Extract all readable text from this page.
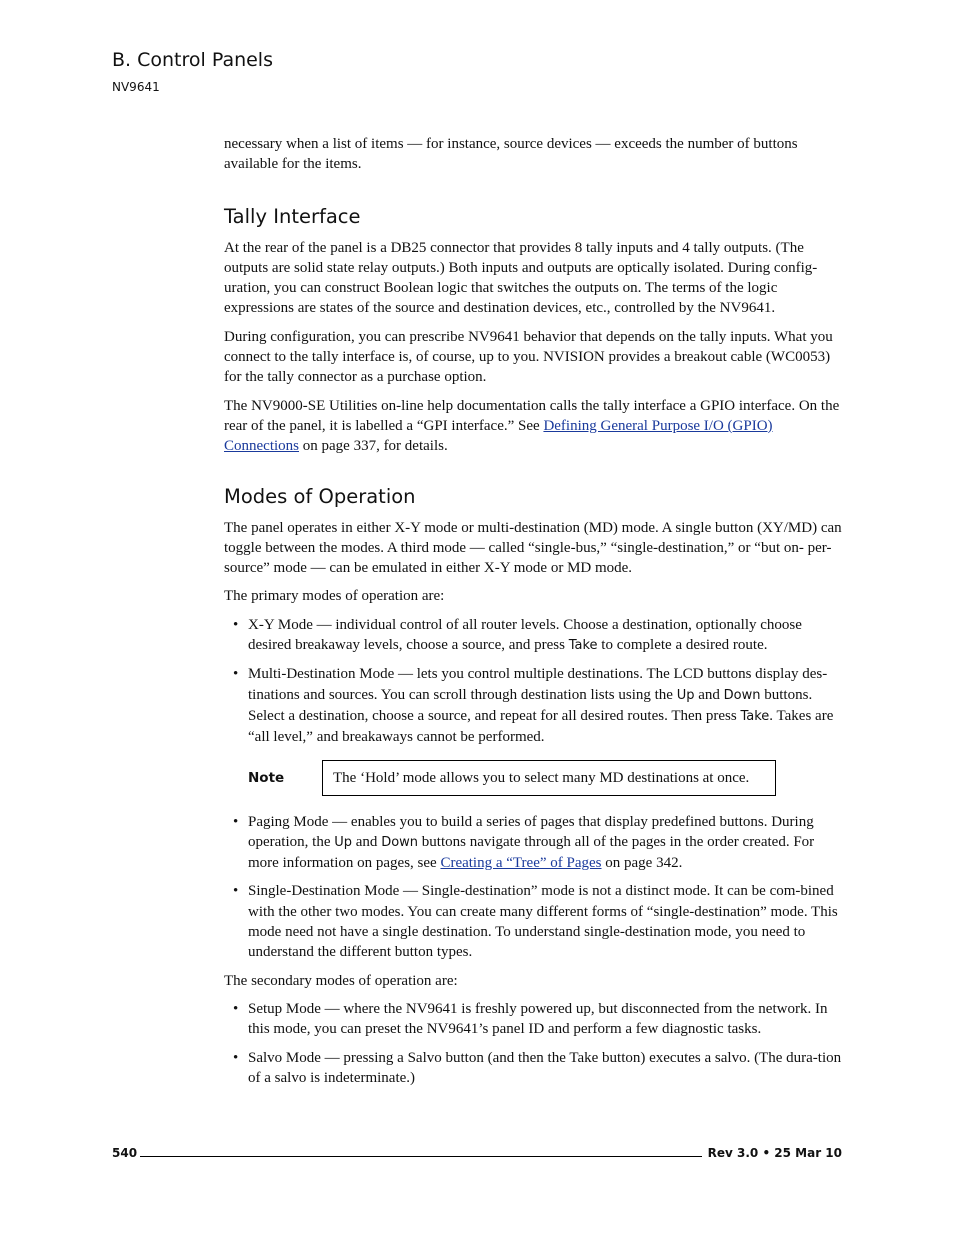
B. Control Panels
NV9641

necessary when a list of items — for instance, source devices — exceeds the number of buttons available for the items.

Tally Interface

At the rear of the panel is a DB25 connector that provides 8 tally inputs and 4 tally outputs. (The outputs are solid state relay outputs.) Both inputs and outputs are optically isolated. During config-uration, you can construct Boolean logic that switches the outputs on. The terms of the logic expressions are states of the source and destination devices, etc., controlled by the NV9641.

During configuration, you can prescribe NV9641 behavior that depends on the tally inputs. What you connect to the tally interface is, of course, up to you. NVISION provides a breakout cable (WC0053) for the tally connector as a purchase option.

The NV9000-SE Utilities on-line help documentation calls the tally interface a GPIO interface. On the rear of the panel, it is labelled a “GPI interface.” See Defining General Purpose I/O (GPIO) Connections on page 337, for details.

Modes of Operation

The panel operates in either X-Y mode or multi-destination (MD) mode. A single button (XY/MD) can toggle between the modes. A third mode — called “single-bus,” “single-destination,” or “but on- per-source” mode — can be emulated in either X-Y mode or MD mode.

The primary modes of operation are:

• X-Y Mode — individual control of all router levels. Choose a destination, optionally choose desired breakaway levels, choose a source, and press Take to complete a desired route.
• Multi-Destination Mode — lets you control multiple destinations. The LCD buttons display des-tinations and sources. You can scroll through destination lists using the Up and Down buttons. Select a destination, choose a source, and repeat for all desired routes. Then press Take. Takes are “all level,” and breakaways cannot be performed.
Note	The ‘Hold’ mode allows you to select many MD destinations at once.
• Paging Mode — enables you to build a series of pages that display predefined buttons. During operation, the Up and Down buttons navigate through all of the pages in the order created. For more information on pages, see Creating a “Tree” of Pages on page 342.
• Single-Destination Mode — Single-destination” mode is not a distinct mode. It can be com-bined with the other two modes. You can create many different forms of “single-destination” mode. This mode need not have a single destination. To understand single-destination mode, you need to understand the different button types.

The secondary modes of operation are:

• Setup Mode — where the NV9641 is freshly powered up, but disconnected from the network. In this mode, you can preset the NV9641’s panel ID and perform a few diagnostic tasks.
• Salvo Mode — pressing a Salvo button (and then the Take button) executes a salvo. (The dura-tion of a salvo is indeterminate.)
540	Rev 3.0 • 25 Mar 10
